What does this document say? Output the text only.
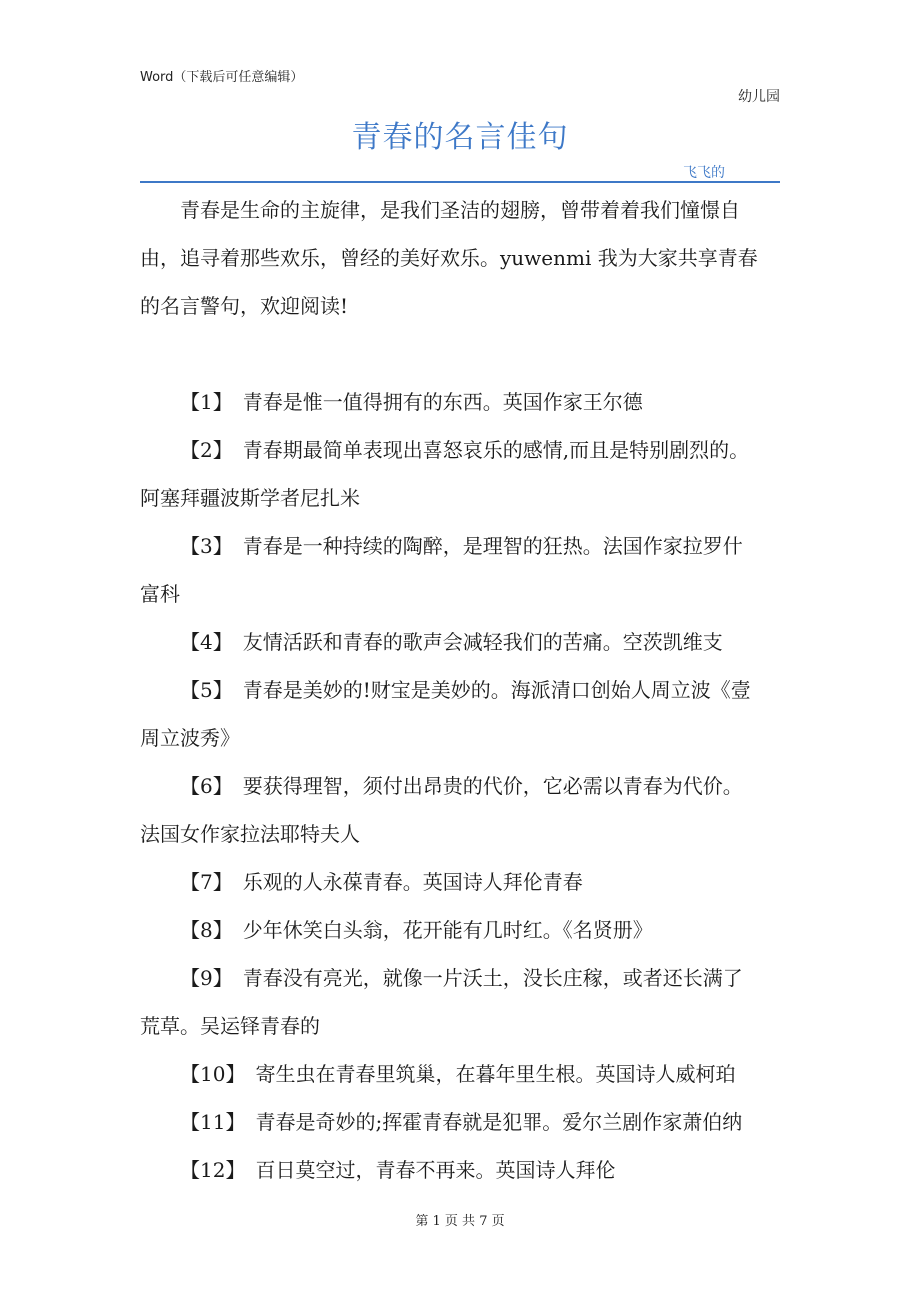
Word（下载后可任意编辑）
幼儿园
青春的名言佳句
飞飞的
青春是生命的主旋律，是我们圣洁的翅膀，曾带着着我们憧憬自
由，追寻着那些欢乐，曾经的美好欢乐。yuwenmi 我为大家共享青春
的名言警句，欢迎阅读!
【1】 青春是惟一值得拥有的东西。英国作家王尔德
【2】 青春期最简单表现出喜怒哀乐的感情,而且是特别剧烈的。
阿塞拜疆波斯学者尼扎米
【3】 青春是一种持续的陶醉，是理智的狂热。法国作家拉罗什
富科
【4】 友情活跃和青春的歌声会减轻我们的苦痛。空茨凯维支
【5】 青春是美妙的!财宝是美妙的。海派清口创始人周立波《壹
周立波秀》
【6】 要获得理智，须付出昂贵的代价，它必需以青春为代价。
法国女作家拉法耶特夫人
【7】 乐观的人永葆青春。英国诗人拜伦青春
【8】 少年休笑白头翁，花开能有几时红。《名贤册》
【9】 青春没有亮光，就像一片沃土，没长庄稼，或者还长满了
荒草。吴运铎青春的
【10】 寄生虫在青春里筑巢，在暮年里生根。英国诗人威柯珀
【11】 青春是奇妙的;挥霍青春就是犯罪。爱尔兰剧作家萧伯纳
【12】 百日莫空过，青春不再来。英国诗人拜伦
第 1 页 共 7 页
